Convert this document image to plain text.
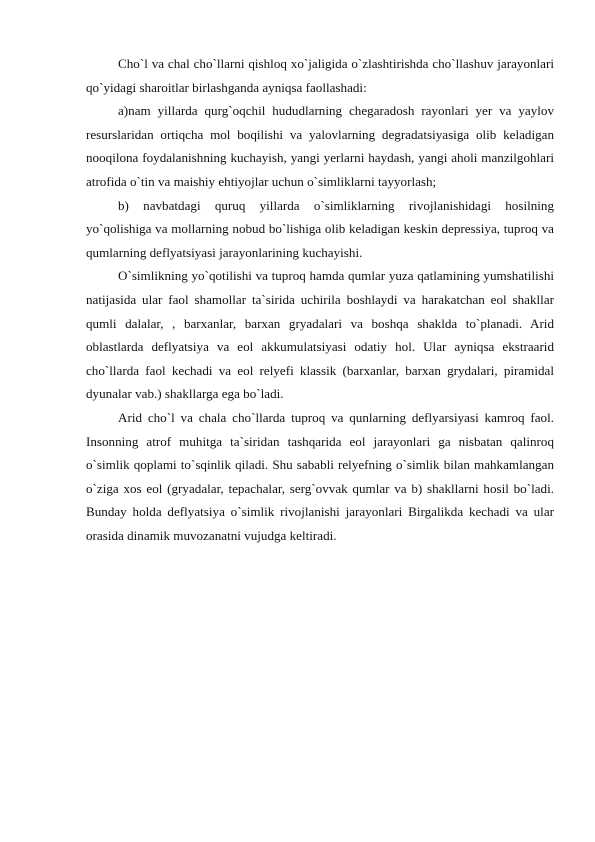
Cho`l va chal cho`llarni qishloq xo`jaligida o`zlashtirishda cho`llashuv jarayonlari qo`yidagi sharoitlar birlashganda ayniqsa faollashadi:

a)nam yillarda qurg`oqchil hududlarning chegaradosh rayonlari yer va yaylov resurslaridan ortiqcha mol boqilishi va yalovlarning degradatsiyasiga olib keladigan nooqilona foydalanishning kuchayish, yangi yerlarni haydash, yangi aholi manzilgohlari atrofida o`tin va maishiy ehtiyojlar uchun o`simliklarni tayyorlash;

b) navbatdagi quruq yillarda o`simliklarning rivojlanishidagi hosilning yo`qolishiga va mollarning nobud bo`lishiga olib keladigan keskin depressiya, tuproq va qumlarning deflyatsiyasi jarayonlarining kuchayishi.

O`simlikning yo`qotilishi va tuproq hamda qumlar yuza qatlamining yumshatilishi natijasida ular faol shamollar ta`sirida uchirila boshlaydi va harakatchan eol shakllar qumli dalalar, , barxanlar, barxan gryadalari va boshqa shaklda to`planadi. Arid oblastlarda deflyatsiya va eol akkumulatsiyasi odatiy hol. Ular ayniqsa ekstraarid cho`llarda faol kechadi va eol relyefi klassik (barxanlar, barxan grydalari, piramidal dyunalar vab.) shakllarga ega bo`ladi.

Arid cho`l va chala cho`llarda tuproq va qunlarning deflyarsiyasi kamroq faol. Insonning atrof muhitga ta`siridan tashqarida eol jarayonlari ga nisbatan qalinroq o`simlik qoplami to`sqinlik qiladi. Shu sababli relyefning o`simlik bilan mahkamlangan o`ziga xos eol (gryadalar, tepachalar, serg`ovvak qumlar va b) shakllarni hosil bo`ladi. Bunday holda deflyatsiya o`simlik rivojlanishi jarayonlari Birgalikda kechadi va ular orasida dinamik muvozanatni vujudga keltiradi.
